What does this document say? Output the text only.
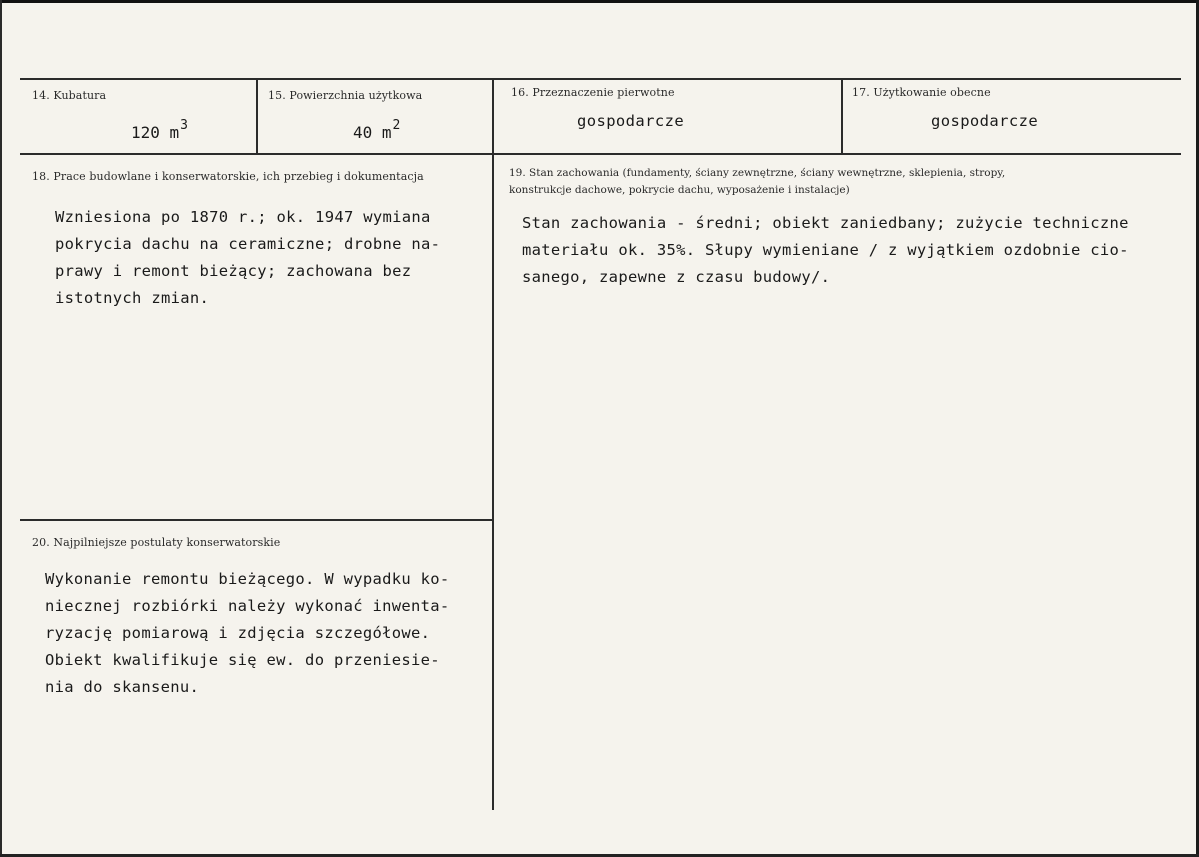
14. Kubatura
120 $m^3$
15. Powierzchnia użytkowa
40 $m^2$
16. Przeznaczenie pierwotne
gospodarcze
17. Użytkowanie obecne
gospodarcze
18. Prace budowlane i konserwatorskie, ich przebieg i dokumentacja
Wzniesiona po 1870 r.; ok. 1947 wymiana
pokrycia dachu na ceramiczne; drobne na-
prawy i remont bieżący; zachowana bez
istotnych zmian.
19. Stan zachowania (fundamenty, ściany zewnętrzne, ściany wewnętrzne, sklepienia, stropy,
konstrukcje dachowe, pokrycie dachu, wyposażenie i instalacje)
Stan zachowania - średni; obiekt zaniedbany; zużycie techniczne
materiału ok. 35%. Słupy wymieniane / z wyjątkiem ozdobnie cio-
sanego, zapewne z czasu budowy/.
20. Najpilniejsze postulaty konserwatorskie
Wykonanie remontu bieżącego. W wypadku ko-
niecznej rozbiórki należy wykonać inwenta-
ryzację pomiarową i zdjęcia szczegółowe.
Obiekt kwalifikuje się ew. do przeniesie-
nia do skansenu.
